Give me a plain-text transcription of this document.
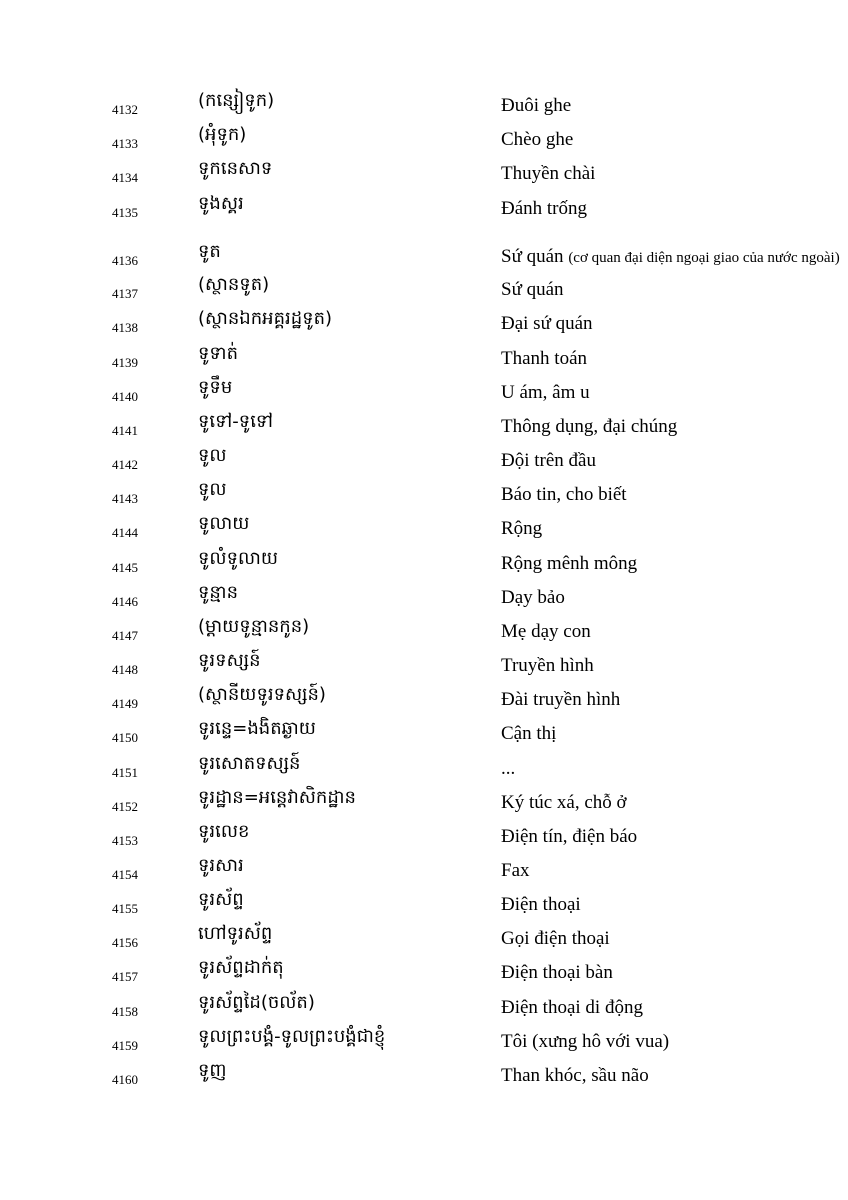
4132	(កន្សៀទូក)	Đuôi ghe
4133	(អុំទូក)	Chèo ghe
4134	ទូកនេសាទ	Thuyền chài
4135	ទូងស្គរ	Đánh trống
4136	ទូត	Sứ quán (cơ quan đại diện ngoại giao của nước ngoài)
4137	(ស្ថានទូត)	Sứ quán
4138	(ស្ថានឯកអគ្គរដ្ឋទូត)	Đại sứ quán
4139	ទូទាត់	Thanh toán
4140	ទូទឹម	U ám, âm u
4141	ទូទៅ-ទូទៅ	Thông dụng, đại chúng
4142	ទូល	Đội trên đầu
4143	ទូល	Báo tin, cho biết
4144	ទូលាយ	Rộng
4145	ទូលំទូលាយ	Rộng mênh mông
4146	ទូន្មាន	Dạy bảo
4147	(ម្ដាយទូន្មានកូន)	Mẹ dạy con
4148	ទូរទស្សន៍	Truyền hình
4149	(ស្ថានីយទូរទស្សន៍)	Đài truyền hình
4150	ទូរន្ទេ=ងងិតឆ្ងាយ	Cận thị
4151	ទូរសោតទស្សន៍	...
4152	ទូរដ្ឋាន=អន្តេវាសិកដ្ឋាន	Ký túc xá, chỗ ở
4153	ទូរលេខ	Điện tín, điện báo
4154	ទូរសារ	Fax
4155	ទូរស័ព្ទ	Điện thoại
4156	ហៅទូរស័ព្ទ	Gọi điện thoại
4157	ទូរស័ព្ទដាក់តុ	Điện thoại bàn
4158	ទូរស័ព្ទដៃ(ចល័ត)	Điện thoại di động
4159	ទូលព្រះបង្គំ-ទូលព្រះបង្គំជាខ្ញុំ	Tôi (xưng hô với vua)
4160	ទូញ	Than khóc, sầu não
